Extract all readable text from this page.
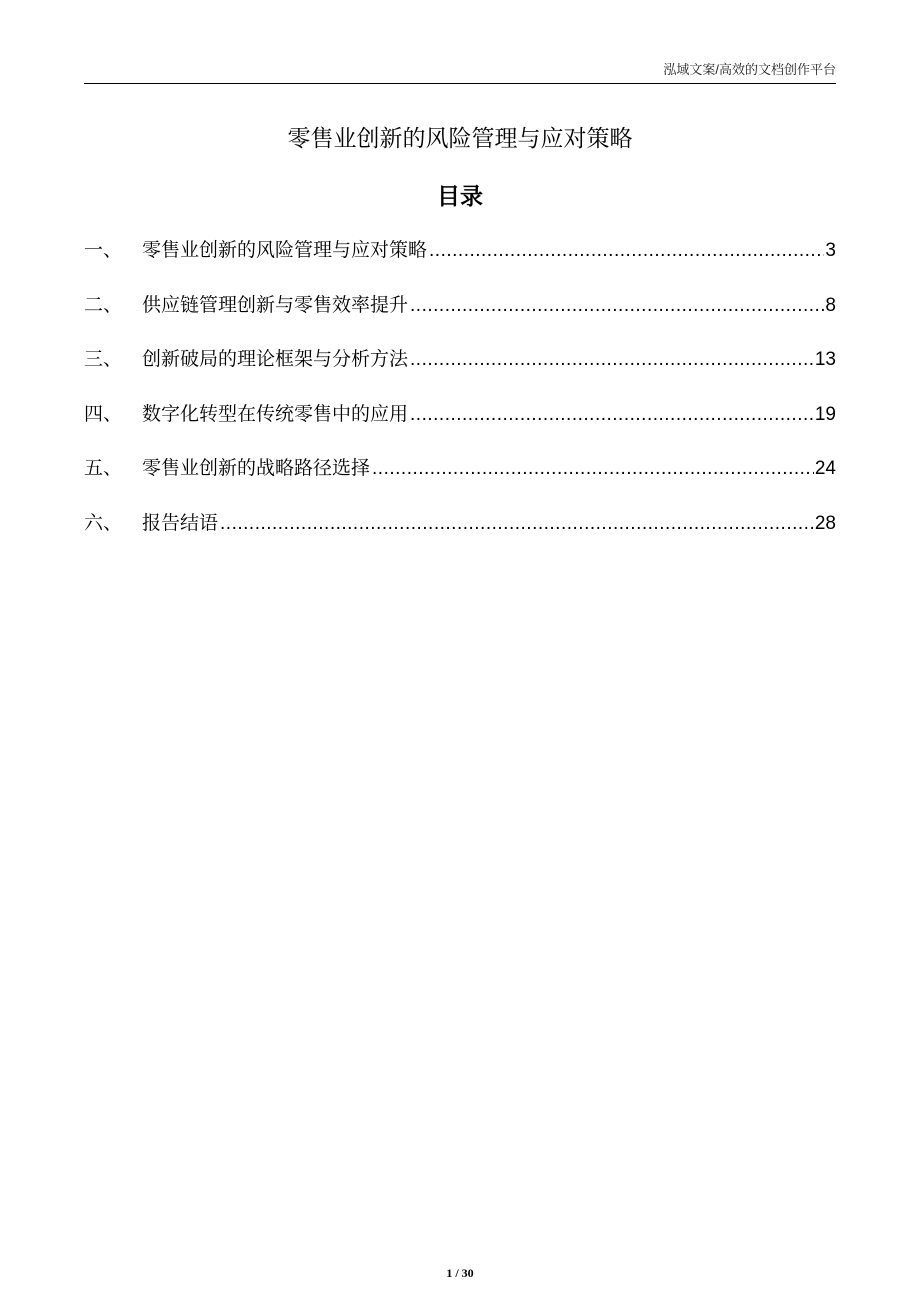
泓域文案/高效的文档创作平台
零售业创新的风险管理与应对策略
目录
一、	零售业创新的风险管理与应对策略 .....	3
二、	供应链管理创新与零售效率提升 .....	8
三、	创新破局的理论框架与分析方法 .....	13
四、	数字化转型在传统零售中的应用 .....	19
五、	零售业创新的战略路径选择 .....	24
六、	报告结语 .....	28
1 / 30
